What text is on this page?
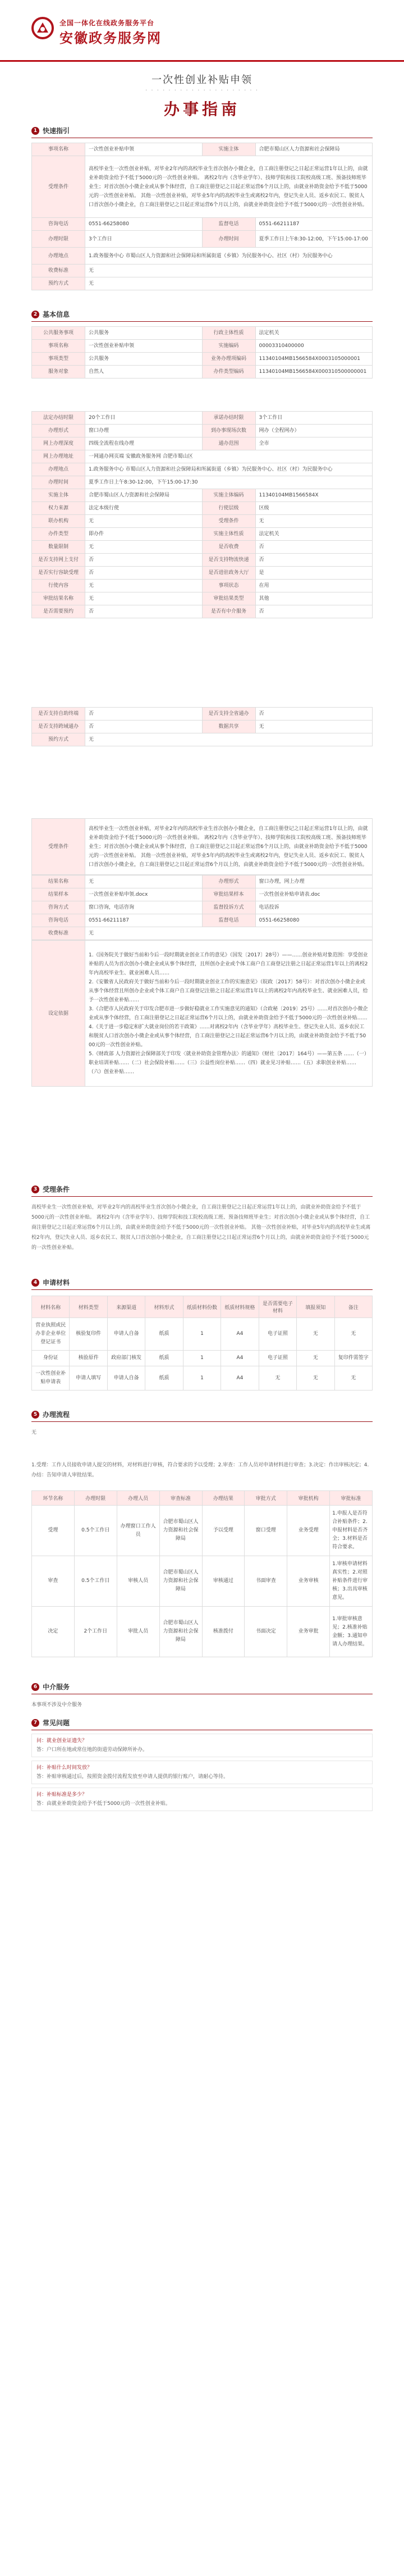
全国一体化在线政务服务平台
安徽政务服务网
一次性创业补贴申领
· · · · · · · · · · · · · · · · · · · ·
办事指南
1 快速指引
事项名称	一次性创业补贴申领	实施主体	合肥市蜀山区人力资源和社会保障局
受理条件	高校毕业生一次性创业补贴，对毕业2年内的高校毕业生首次创办小微企业，自工商注册登记之日起正常运营1年以上的，由就业补助资金给予不低于5000元的一次性创业补贴。 离校2年内（含毕业学年）、技师学院和技工院校高级工班、预备技师班毕业生；对首次创办小微企业或从事个体经营，自工商注册登记之日起正常运营6个月以上的，由就业补助资金给予不低于5000元的一次性创业补贴。 其他一次性创业补贴，对毕业5年内的高校毕业生或离校2年内，登记失业人员、返乡农民工、脱贫人口首次创办小微企业，自工商注册登记之日起正常运营6个月以上的，由就业补助资金给予不低于5000元的一次性创业补贴。		
咨询电话	0551-66258080	监督电话	0551-66211187
办理时限	3个工作日	办理时间	夏季工作日上午8:30-12:00，下午15:00-17:00
办理地点	1.政务服务中心 市蜀山区人力资源和社会保障局和所属街道（乡镇）为民服务中心、社区（村）为民服务中心		
收费标准	无		
预约方式	无		
2 基本信息
公共服务事项	公共服务	行政主体性质	法定机关
事项名称	一次性创业补贴申领	实施编码	00003310400000
事项类型	公共服务	业务办理项编码	11340104MB1566584X0003105000001
服务对象	自然人	办件类型编码	11340104MB1566584X000310500000001
法定办结时限	20个工作日	承诺办结时限	3个工作日
办理形式	窗口办理	到办事现场次数	网办（全程网办）
网上办理深度	四级全流程在线办理	通办范围	全市
网上办理地址	一网通办网页端 安徽政务服务网 合肥市蜀山区		
办理地点	1.政务服务中心 市蜀山区人力资源和社会保障局和所属街道（乡镇）为民服务中心、社区（村）为民服务中心		
办理时间	夏季工作日上午8:30-12:00，下午15:00-17:30		
实施主体	合肥市蜀山区人力资源和社会保障局	实施主体编码	11340104MB1566584X
权力来源	法定本级行使	行使层级	区级
联办机构	无	受理条件	无
办件类型	即办件	实施主体性质	法定机关
数量限制	无	是否收费	否
是否支持网上支付	否	是否支持物流快递	否
是否实行容缺受理	否	是否进驻政务大厅	是
行使内容	无	事项状态	在用
审批结果名称	无	审批结果类型	其他
是否需要预约	否	是否有中介服务	否
是否支持自助终端	否	是否支持全省通办	否
是否支持跨域通办	否	数据共享	无
预约方式	无		
受理条件	高校毕业生一次性创业补贴，对毕业2年内的高校毕业生首次创办小微企业，自工商注册登记之日起正常运营1年以上的，由就业补助资金给予不低于5000元的一次性创业补贴。 离校2年内（含毕业学年）、技师学院和技工院校高级工班、预备技师班毕业生；对首次创办小微企业或从事个体经营，自工商注册登记之日起正常运营6个月以上的，由就业补助资金给予不低于5000元的一次性创业补贴。 其他一次性创业补贴，对毕业5年内的高校毕业生或离校2年内，登记失业人员、返乡农民工、脱贫人口首次创办小微企业，自工商注册登记之日起正常运营6个月以上的，由就业补助资金给予不低于5000元的一次性创业补贴。
结果名称	无	办理形式	窗口办理，网上办理
结果样本	一次性创业补贴申领.docx	审批结果样本	一次性创业补贴申请表.doc
咨询方式	窗口咨询，电话咨询	监督投诉方式	电话投诉
咨询电话	0551-66211187	监督电话	0551-66258080
收费标准	无		
设定依据	1.《国务院关于做好当前和今后一段时期就业创业工作的意见》（国发〔2017〕28号）——……创业补贴对象范围：享受创业补贴的人员为首次创办小微企业或从事个体经营，且所创办企业或个体工商户自工商登记注册之日起正常运营1年以上的离校2年内高校毕业生、就业困难人员……
2.《安徽省人民政府关于做好当前和今后一段时期就业创业工作的实施意见》（皖政〔2017〕58号）：对首次创办小微企业或从事个体经营且所创办企业或个体工商户自工商登记注册之日起正常运营1年以上的离校2年内高校毕业生、就业困难人员，给予一次性创业补贴……
3.《合肥市人民政府关于印发合肥市进一步做好稳就业工作实施意见的通知》（合政秘〔2019〕25号）……对首次创办小微企业或从事个体经营，自工商注册登记之日起正常运营6个月以上的，由就业补助资金给予不低于5000元的一次性创业补贴……
4.《关于进一步稳定和扩大就业岗位的若干政策》……对离校2年内（含毕业学年）高校毕业生、登记失业人员、返乡农民工和脱贫人口首次创办小微企业或从事个体经营，自工商注册登记之日起正常运营6个月以上的，由就业补助资金给予不低于5000元的一次性创业补贴。
5.《财政部 人力资源社会保障部关于印发〈就业补助资金管理办法〉的通知》（财社〔2017〕164号）——第五条 ……（一）职业培训补贴……（二）社会保险补贴……（三）公益性岗位补贴……（四）就业见习补贴……（五）求职创业补贴……（六）创业补贴……
3 受理条件
高校毕业生一次性创业补贴，对毕业2年内的高校毕业生首次创办小微企业，自工商注册登记之日起正常运营1年以上的，由就业补助资金给予不低于5000元的一次性创业补贴。 离校2年内（含毕业学年）、技师学院和技工院校高级工班、预备技师班毕业生；对首次创办小微企业或从事个体经营，自工商注册登记之日起正常运营6个月以上的，由就业补助资金给予不低于5000元的一次性创业补贴。 其他一次性创业补贴，对毕业5年内的高校毕业生或离校2年内，登记失业人员、返乡农民工、脱贫人口首次创办小微企业，自工商注册登记之日起正常运营6个月以上的，由就业补助资金给予不低于5000元的一次性创业补贴。
4 申请材料
材料名称	材料类型	来源渠道	材料形式	纸质材料份数	纸质材料规格	是否需要电子材料	填报须知	备注
营业执照或民办非企业单位登记证书	核验复印件	申请人自备	纸质	1	A4	电子证照	无	无
身份证	核验原件	政府部门核发	纸质	1	A4	电子证照	无	复印件需签字
一次性创业补贴申请表	申请人填写	申请人自备	纸质	1	A4	无	无	无
5 办理流程
无
1.受理：工作人员接收申请人提交的材料，对材料进行审核，符合要求的予以受理；2.审查：工作人员对申请材料进行审查；3.决定：作出审核决定；4.办结：告知申请人审批结果。
环节名称	办理时限	办理人员	审查标准	办理结果	审批方式	审批机构	审批标准
受理	0.5个工作日	办理窗口工作人员	合肥市蜀山区人力资源和社会保障局	予以受理	窗口受理	业务受理	1.申报人是否符合补贴条件；2.申报材料是否齐全；3.材料是否符合要求。
审查	0.5个工作日	审核人员	合肥市蜀山区人力资源和社会保障局	审核通过	书面审查	业务审核	1.审核申请材料真实性；2.对照补贴条件进行审核；3.出具审核意见。
决定	2个工作日	审批人员	合肥市蜀山区人力资源和社会保障局	核准拨付	书面决定	业务审批	1.审批审核意见；2.核准补贴金额；3.通知申请人办理结果。
6 中介服务
本事项不涉及中介服务
7 常见问题
问：就业创业证遗失？
答：户口所在地或常住地的街道劳动保障所补办。
问：补贴什么时间发放？
答：补贴审核通过后，按照资金拨付流程发放至申请人提供的银行账户，请耐心等待。
问：补贴标准是多少？
答：由就业补助资金给予不低于5000元的一次性创业补贴。
